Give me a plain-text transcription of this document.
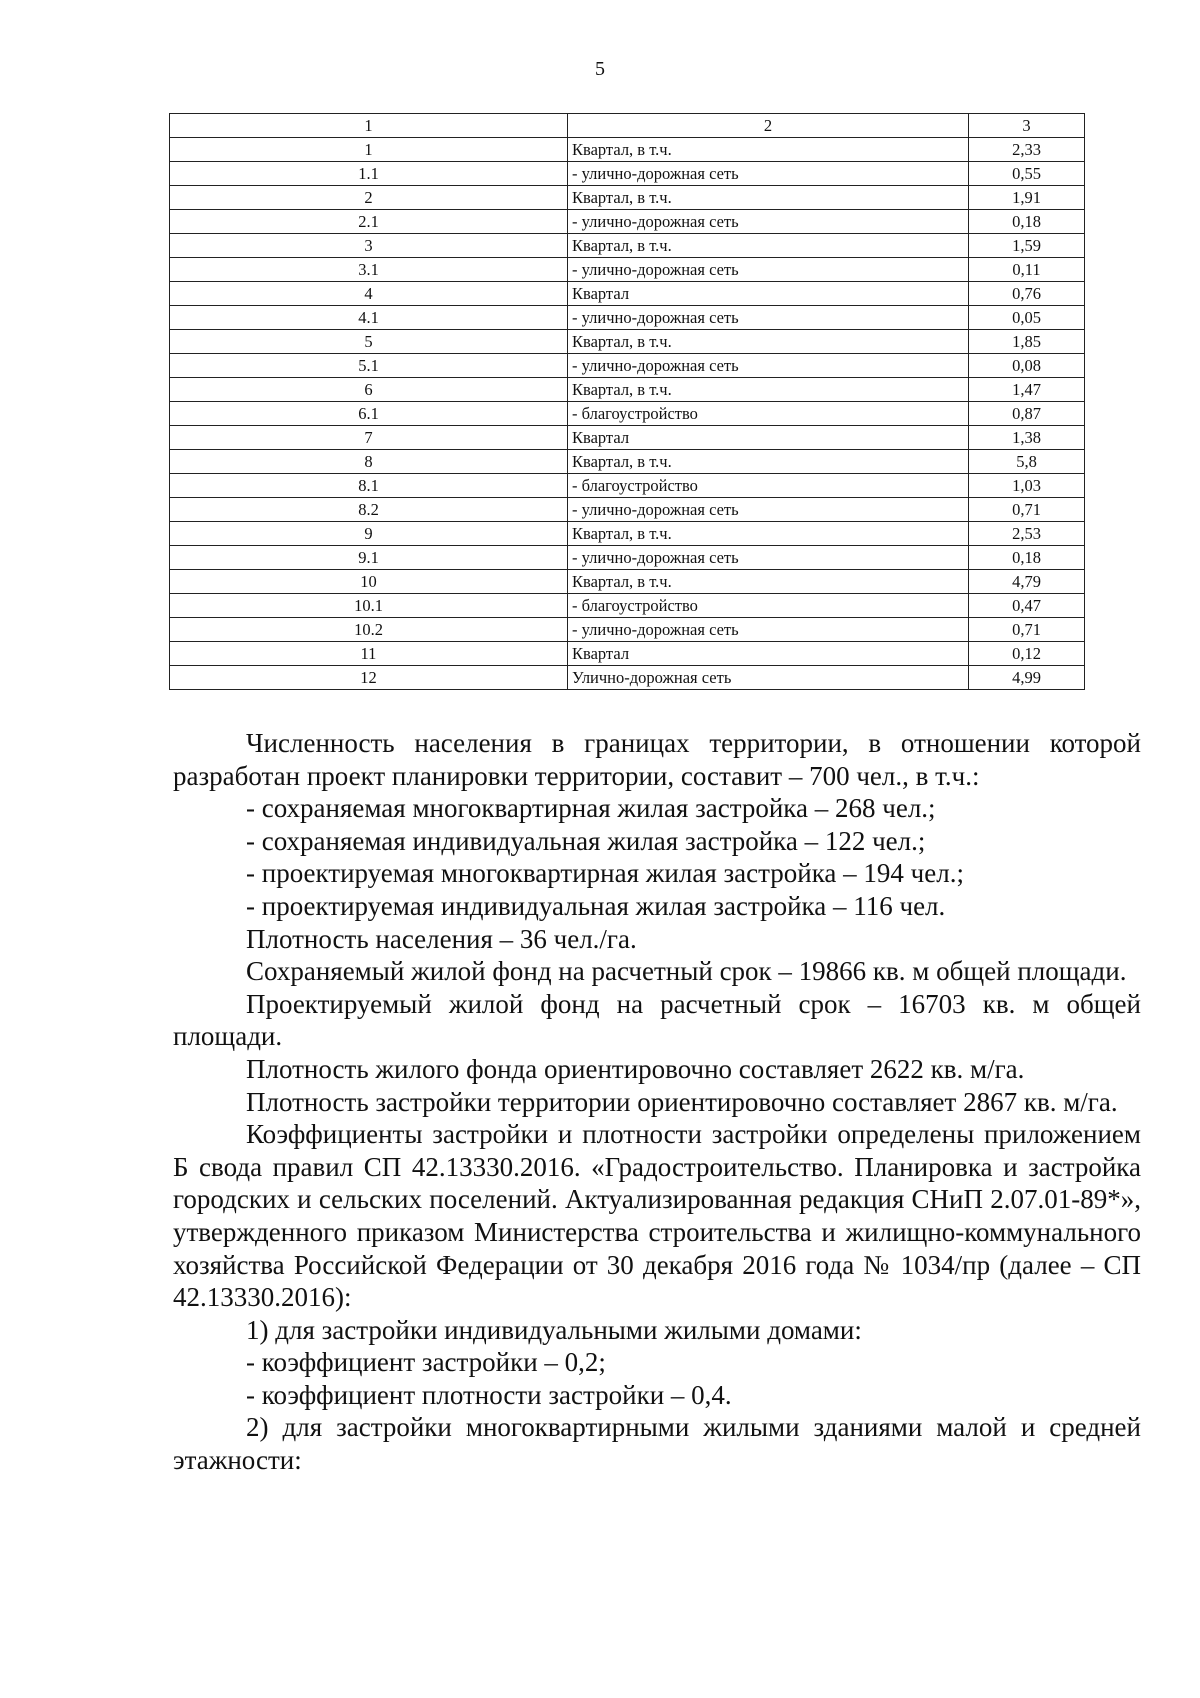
5
1	2	3
1	Квартал, в т.ч.	2,33
1.1	- улично-дорожная сеть	0,55
2	Квартал, в т.ч.	1,91
2.1	- улично-дорожная сеть	0,18
3	Квартал, в т.ч.	1,59
3.1	- улично-дорожная сеть	0,11
4	Квартал	0,76
4.1	- улично-дорожная сеть	0,05
5	Квартал, в т.ч.	1,85
5.1	- улично-дорожная сеть	0,08
6	Квартал, в т.ч.	1,47
6.1	- благоустройство	0,87
7	Квартал	1,38
8	Квартал, в т.ч.	5,8
8.1	- благоустройство	1,03
8.2	- улично-дорожная сеть	0,71
9	Квартал, в т.ч.	2,53
9.1	- улично-дорожная сеть	0,18
10	Квартал, в т.ч.	4,79
10.1	- благоустройство	0,47
10.2	- улично-дорожная сеть	0,71
11	Квартал	0,12
12	Улично-дорожная сеть	4,99

Численность населения в границах территории, в отношении которой разработан проект планировки территории, составит – 700 чел., в т.ч.:

- сохраняемая многоквартирная жилая застройка – 268 чел.;

- сохраняемая индивидуальная жилая застройка – 122 чел.;

- проектируемая многоквартирная жилая застройка – 194 чел.;

- проектируемая индивидуальная жилая застройка – 116 чел.

Плотность населения – 36 чел./га.

Сохраняемый жилой фонд на расчетный срок – 19866 кв. м общей площади.

Проектируемый жилой фонд на расчетный срок – 16703 кв. м общей площади.

Плотность жилого фонда ориентировочно составляет 2622 кв. м/га.

Плотность застройки территории ориентировочно составляет 2867 кв. м/га.

Коэффициенты застройки и плотности застройки определены приложением Б свода правил СП 42.13330.2016. «Градостроительство. Планировка и застройка городских и сельских поселений. Актуализированная редакция СНиП 2.07.01-89*», утвержденного приказом Министерства строительства и жилищно-коммунального хозяйства Российской Федерации от 30 декабря 2016 года № 1034/пр (далее – СП 42.13330.2016):

1) для застройки индивидуальными жилыми домами:

- коэффициент застройки – 0,2;

- коэффициент плотности застройки – 0,4.

2) для застройки многоквартирными жилыми зданиями малой и средней этажности:
